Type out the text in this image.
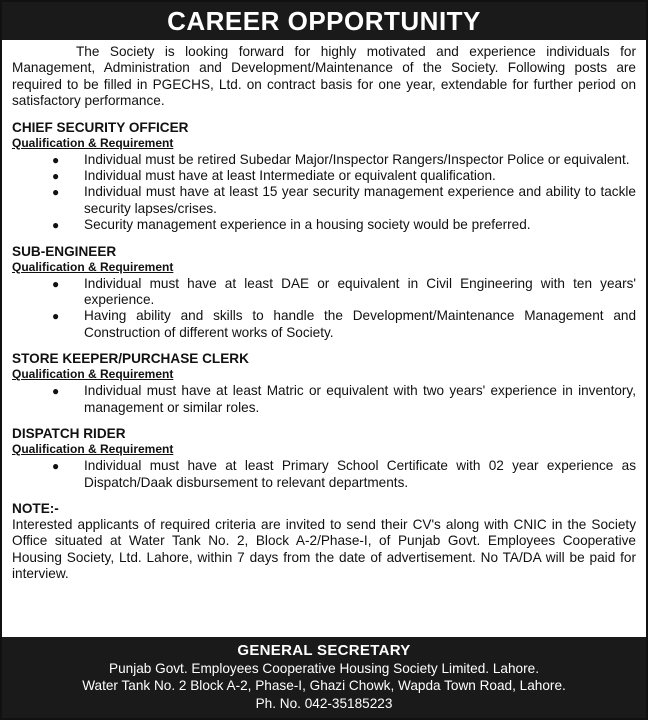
CAREER OPPORTUNITY

The Society is looking forward for highly motivated and experience individuals for Management, Administration and Development/Maintenance of the Society. Following posts are required to be filled in PGECHS, Ltd. on contract basis for one year, extendable for further period on satisfactory performance.

CHIEF SECURITY OFFICER
Qualification & Requirement
● Individual must be retired Subedar Major/Inspector Rangers/Inspector Police or equivalent.
● Individual must have at least Intermediate or equivalent qualification.
● Individual must have at least 15 year security management experience and ability to tackle security lapses/crises.
● Security management experience in a housing society would be preferred.
SUB-ENGINEER
Qualification & Requirement
● Individual must have at least DAE or equivalent in Civil Engineering with ten years' experience.
● Having ability and skills to handle the Development/Maintenance Management and Construction of different works of Society.
STORE KEEPER/PURCHASE CLERK
Qualification & Requirement
● Individual must have at least Matric or equivalent with two years' experience in inventory, management or similar roles.
DISPATCH RIDER
Qualification & Requirement
● Individual must have at least Primary School Certificate with 02 year experience as Dispatch/Daak disbursement to relevant departments.
NOTE:-

Interested applicants of required criteria are invited to send their CV's along with CNIC in the Society Office situated at Water Tank No. 2, Block A-2/Phase-I, of Punjab Govt. Employees Cooperative Housing Society, Ltd. Lahore, within 7 days from the date of advertisement. No TA/DA will be paid for interview.

GENERAL SECRETARY
Punjab Govt. Employees Cooperative Housing Society Limited. Lahore.
Water Tank No. 2 Block A-2, Phase-I, Ghazi Chowk, Wapda Town Road, Lahore.
Ph. No. 042-35185223
